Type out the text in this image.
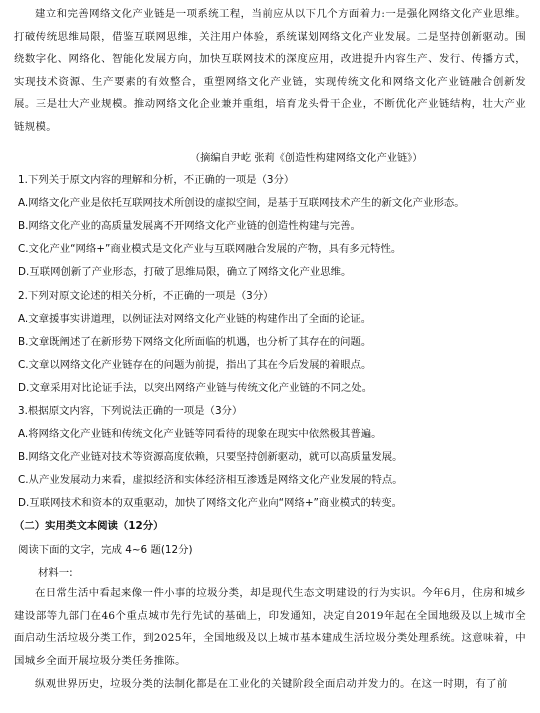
建立和完善网络文化产业链是一项系统工程，当前应从以下几个方面着力:一是强化网络文化产业思维。打破传统思维局限，借鉴互联网思维，关注用户体验，系统谋划网络文化产业发展。二是坚持创新驱动。围绕数字化、网络化、智能化发展方向，加快互联网技术的深度应用，改进提升内容生产、发行、传播方式，实现技术资源、生产要素的有效整合，重塑网络文化产业链，实现传统文化和网络文化产业链融合创新发展。三是壮大产业规模。推动网络文化企业兼并重组，培育龙头骨干企业，不断优化产业链结构，壮大产业链规模。
（摘编自尹屹 张莉《创造性构建网络文化产业链》）
1.下列关于原文内容的理解和分析，不正确的一项是（3分）
A.网络文化产业是依托互联网技术所创设的虚拟空间，是基于互联网技术产生的新文化产业形态。
B.网络文化产业的高质量发展离不开网络文化产业链的创造性构建与完善。
C.文化产业“网络+”商业模式是文化产业与互联网融合发展的产物，具有多元特性。
D.互联网创新了产业形态，打破了思维局限，确立了网络文化产业思维。
2.下列对原文论述的相关分析，不正确的一项是（3分）
A.文章援事实讲道理，以例证法对网络文化产业链的构建作出了全面的论证。
B.文章既阐述了在新形势下网络文化所面临的机遇，也分析了其存在的问题。
C.文章以网络文化产业链存在的问题为前提，指出了其在今后发展的着眼点。
D.文章采用对比论证手法，以突出网络产业链与传统文化产业链的不同之处。
3.根据原文内容，下列说法正确的一项是（3分）
A.将网络文化产业链和传统文化产业链等同看待的现象在现实中依然极其普遍。
B.网络文化产业链对技术等资源高度依赖，只要坚持创新驱动，就可以高质量发展。
C.从产业发展动力来看，虚拟经济和实体经济相互渗透是网络文化产业发展的特点。
D.互联网技术和资本的双重驱动，加快了网络文化产业向“网络+”商业模式的转变。
（二）实用类文本阅读（12分）
阅读下面的文字，完成 4~6 题(12分)
材料一:
在日常生活中看起来像一件小事的垃圾分类，却是现代生态文明建设的行为实识。今年6月，住房和城乡建设部等九部门在46个重点城市先行先试的基础上，印发通知，决定自2019年起在全国地级及以上城市全面启动生活垃圾分类工作，到2025年，全国地级及以上城市基本建成生活垃圾分类处理系统。这意味着，中国城乡全面开展垃圾分类任务推陈。
纵观世界历史，垃圾分类的法制化都是在工业化的关键阶段全面启动并发力的。在这一时期，有了前
